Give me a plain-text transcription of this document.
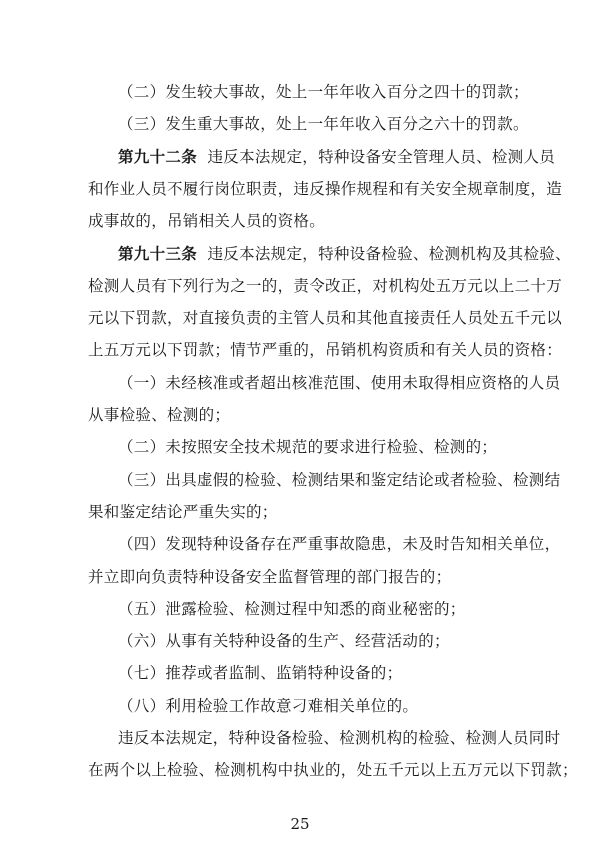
（二）发生较大事故，处上一年年收入百分之四十的罚款；
（三）发生重大事故，处上一年年收入百分之六十的罚款。
第九十二条 违反本法规定，特种设备安全管理人员、检测人员
和作业人员不履行岗位职责，违反操作规程和有关安全规章制度，造
成事故的，吊销相关人员的资格。
第九十三条 违反本法规定，特种设备检验、检测机构及其检验、
检测人员有下列行为之一的，责令改正，对机构处五万元以上二十万
元以下罚款，对直接负责的主管人员和其他直接责任人员处五千元以
上五万元以下罚款；情节严重的，吊销机构资质和有关人员的资格：
（一）未经核准或者超出核准范围、使用未取得相应资格的人员
从事检验、检测的；
（二）未按照安全技术规范的要求进行检验、检测的；
（三）出具虚假的检验、检测结果和鉴定结论或者检验、检测结
果和鉴定结论严重失实的；
（四）发现特种设备存在严重事故隐患，未及时告知相关单位，
并立即向负责特种设备安全监督管理的部门报告的；
（五）泄露检验、检测过程中知悉的商业秘密的；
（六）从事有关特种设备的生产、经营活动的；
（七）推荐或者监制、监销特种设备的；
（八）利用检验工作故意刁难相关单位的。
违反本法规定，特种设备检验、检测机构的检验、检测人员同时
25
在两个以上检验、检测机构中执业的，处五千元以上五万元以下罚款；
